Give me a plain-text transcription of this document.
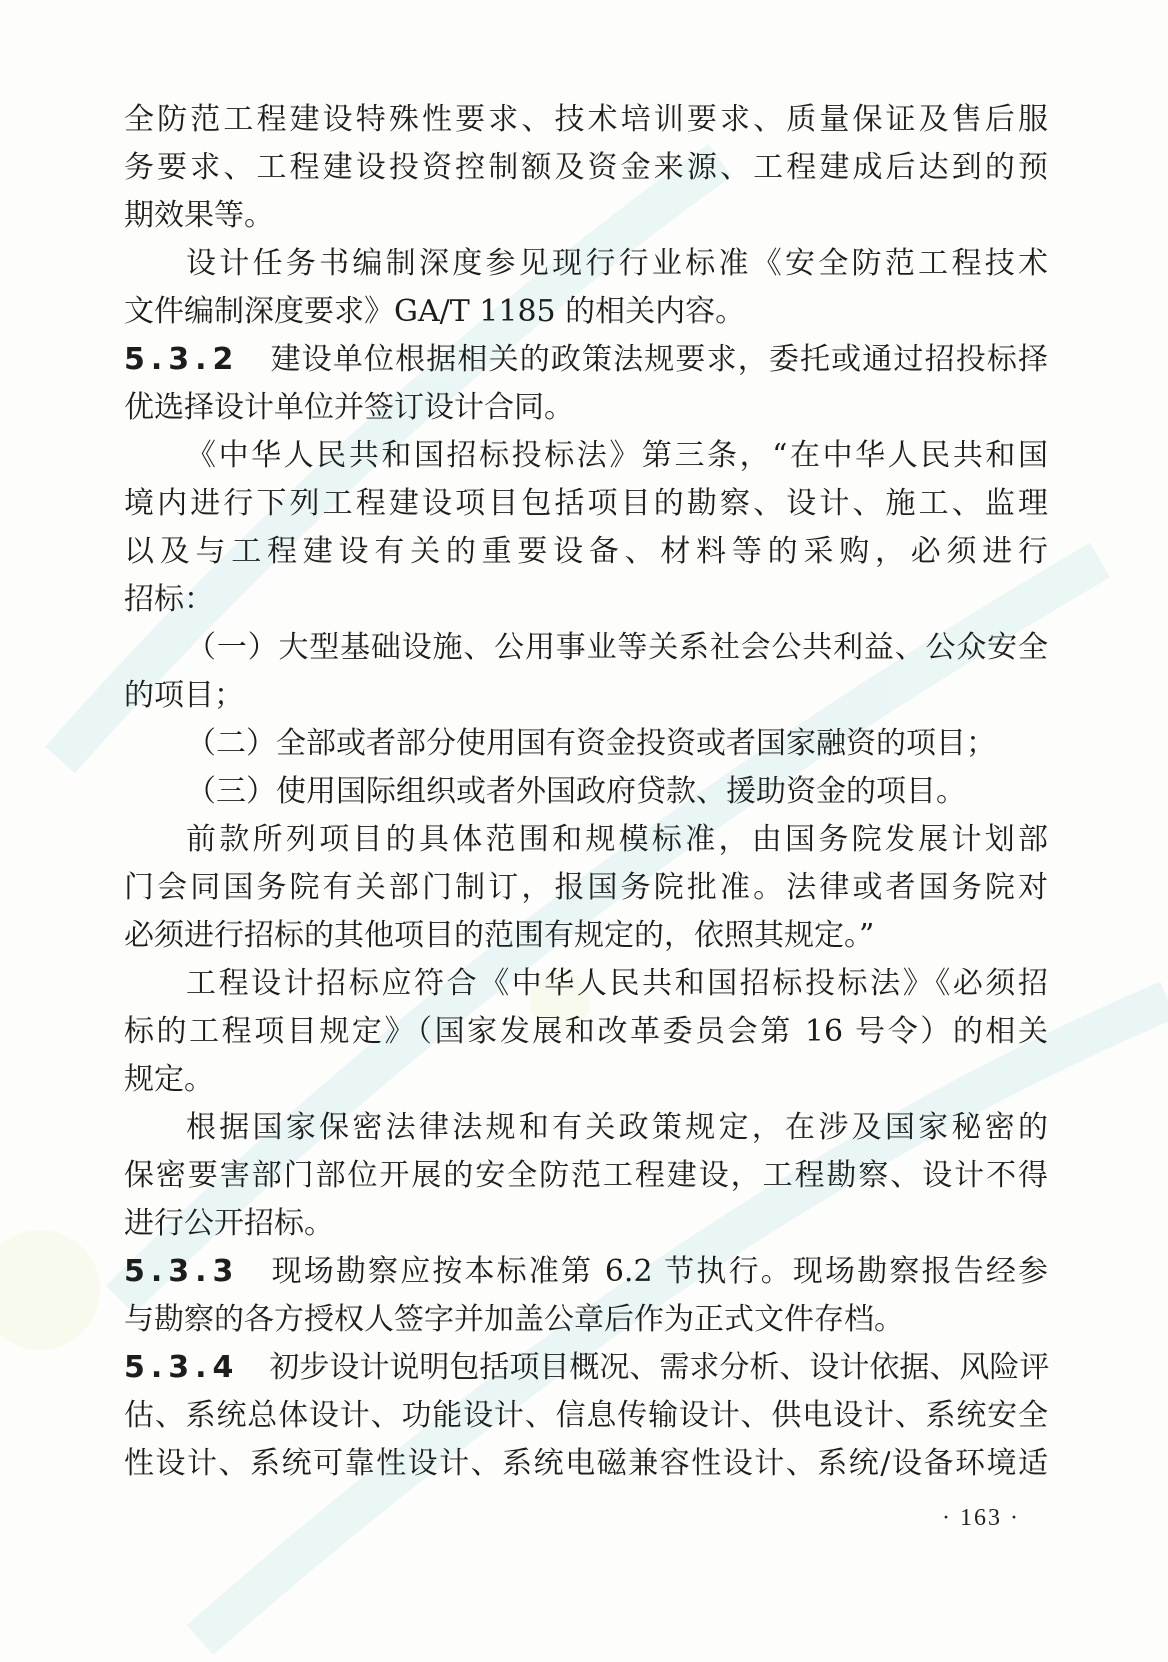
全防范工程建设特殊性要求、技术培训要求、质量保证及售后服
务要求、工程建设投资控制额及资金来源、工程建成后达到的预
期效果等。
设计任务书编制深度参见现行行业标准《安全防范工程技术
文件编制深度要求》GA/T 1185 的相关内容。
5.3.2 建设单位根据相关的政策法规要求，委托或通过招投标择
优选择设计单位并签订设计合同。
《中华人民共和国招标投标法》第三条，“在中华人民共和国
境内进行下列工程建设项目包括项目的勘察、设计、施工、监理
以及与工程建设有关的重要设备、材料等的采购，必须进行
招标：
（一）大型基础设施、公用事业等关系社会公共利益、公众安全
的项目；
（二）全部或者部分使用国有资金投资或者国家融资的项目；
（三）使用国际组织或者外国政府贷款、援助资金的项目。
前款所列项目的具体范围和规模标准，由国务院发展计划部
门会同国务院有关部门制订，报国务院批准。法律或者国务院对
必须进行招标的其他项目的范围有规定的，依照其规定。”
工程设计招标应符合《中华人民共和国招标投标法》《必须招
标的工程项目规定》（国家发展和改革委员会第 16 号令）的相关
规定。
根据国家保密法律法规和有关政策规定，在涉及国家秘密的
保密要害部门部位开展的安全防范工程建设，工程勘察、设计不得
进行公开招标。
5.3.3 现场勘察应按本标准第 6.2 节执行。现场勘察报告经参
与勘察的各方授权人签字并加盖公章后作为正式文件存档。
5.3.4 初步设计说明包括项目概况、需求分析、设计依据、风险评
估、系统总体设计、功能设计、信息传输设计、供电设计、系统安全
性设计、系统可靠性设计、系统电磁兼容性设计、系统/设备环境适
· 163 ·
